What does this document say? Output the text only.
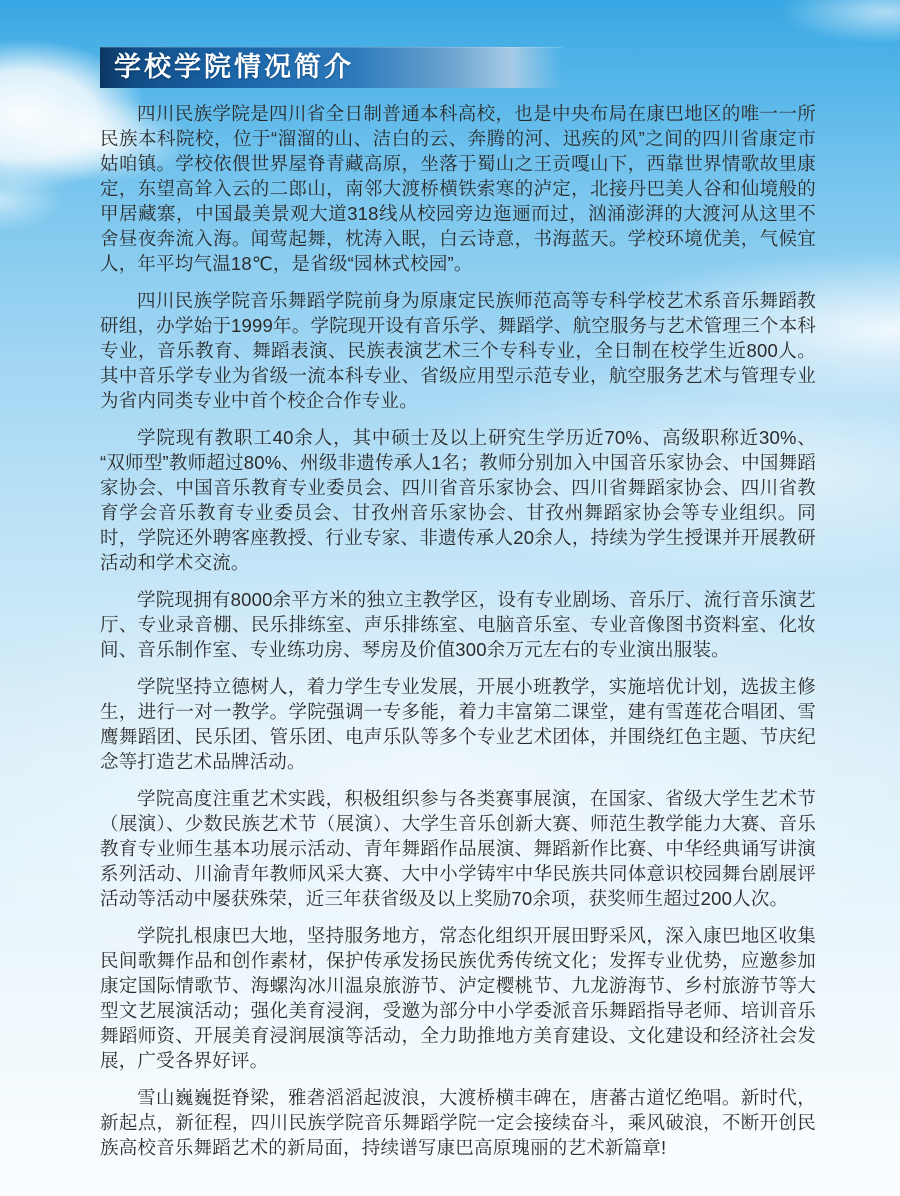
学校学院情况简介

四川民族学院是四川省全日制普通本科高校，也是中央布局在康巴地区的唯一一所民族本科院校，位于“溜溜的山、洁白的云、奔腾的河、迅疾的风”之间的四川省康定市姑咱镇。学校依偎世界屋脊青藏高原，坐落于蜀山之王贡嘎山下，西靠世界情歌故里康定，东望高耸入云的二郎山，南邻大渡桥横铁索寒的泸定，北接丹巴美人谷和仙境般的甲居藏寨，中国最美景观大道318线从校园旁边迤逦而过，汹涌澎湃的大渡河从这里不舍昼夜奔流入海。闻莺起舞，枕涛入眠，白云诗意，书海蓝天。学校环境优美，气候宜人，年平均气温18℃，是省级“园林式校园”。

四川民族学院音乐舞蹈学院前身为原康定民族师范高等专科学校艺术系音乐舞蹈教研组，办学始于1999年。学院现开设有音乐学、舞蹈学、航空服务与艺术管理三个本科专业，音乐教育、舞蹈表演、民族表演艺术三个专科专业，全日制在校学生近800人。其中音乐学专业为省级一流本科专业、省级应用型示范专业，航空服务艺术与管理专业为省内同类专业中首个校企合作专业。

学院现有教职工40余人，其中硕士及以上研究生学历近70%、高级职称近30%、“双师型”教师超过80%、州级非遗传承人1名；教师分别加入中国音乐家协会、中国舞蹈家协会、中国音乐教育专业委员会、四川省音乐家协会、四川省舞蹈家协会、四川省教育学会音乐教育专业委员会、甘孜州音乐家协会、甘孜州舞蹈家协会等专业组织。同时，学院还外聘客座教授、行业专家、非遗传承人20余人，持续为学生授课并开展教研活动和学术交流。

学院现拥有8000余平方米的独立主教学区，设有专业剧场、音乐厅、流行音乐演艺厅、专业录音棚、民乐排练室、声乐排练室、电脑音乐室、专业音像图书资料室、化妆间、音乐制作室、专业练功房、琴房及价值300余万元左右的专业演出服装。

学院坚持立德树人，着力学生专业发展，开展小班教学，实施培优计划，选拔主修生，进行一对一教学。学院强调一专多能，着力丰富第二课堂，建有雪莲花合唱团、雪鹰舞蹈团、民乐团、管乐团、电声乐队等多个专业艺术团体，并围绕红色主题、节庆纪念等打造艺术品牌活动。

学院高度注重艺术实践，积极组织参与各类赛事展演，在国家、省级大学生艺术节（展演）、少数民族艺术节（展演）、大学生音乐创新大赛、师范生教学能力大赛、音乐教育专业师生基本功展示活动、青年舞蹈作品展演、舞蹈新作比赛、中华经典诵写讲演系列活动、川渝青年教师风采大赛、大中小学铸牢中华民族共同体意识校园舞台剧展评活动等活动中屡获殊荣，近三年获省级及以上奖励70余项，获奖师生超过200人次。

学院扎根康巴大地，坚持服务地方，常态化组织开展田野采风，深入康巴地区收集民间歌舞作品和创作素材，保护传承发扬民族优秀传统文化；发挥专业优势，应邀参加康定国际情歌节、海螺沟冰川温泉旅游节、泸定樱桃节、九龙游海节、乡村旅游节等大型文艺展演活动；强化美育浸润，受邀为部分中小学委派音乐舞蹈指导老师、培训音乐舞蹈师资、开展美育浸润展演等活动，全力助推地方美育建设、文化建设和经济社会发展，广受各界好评。

雪山巍巍挺脊梁，雅砻滔滔起波浪，大渡桥横丰碑在，唐蕃古道忆绝唱。新时代，新起点，新征程，四川民族学院音乐舞蹈学院一定会接续奋斗，乘风破浪，不断开创民族高校音乐舞蹈艺术的新局面，持续谱写康巴高原瑰丽的艺术新篇章!
